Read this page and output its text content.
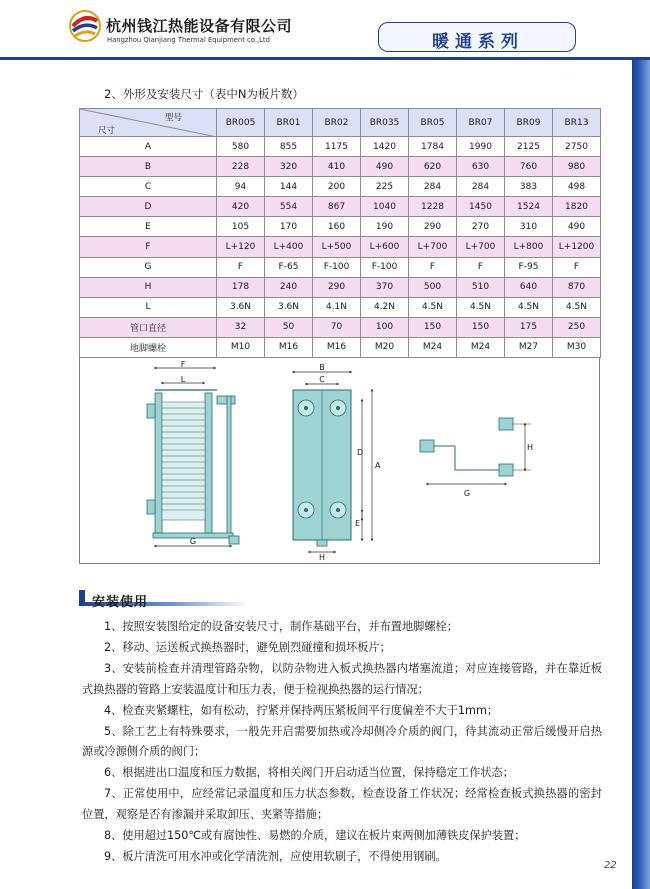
杭州钱江热能设备有限公司
Hangzhou Qianjiang Thermal Equipment co.,Ltd	暖通系列
2、外形及安装尺寸（表中N为板片数）
型号
尺寸	BR005	BR01	BR02	BR035	BR05	BR07	BR09	BR13
A	580	855	1175	1420	1784	1990	2125	2750
B	228	320	410	490	620	630	760	980
C	94	144	200	225	284	284	383	498
D	420	554	867	1040	1228	1450	1524	1820
E	105	170	160	190	290	270	310	490
F	L+120	L+400	L+500	L+600	L+700	L+700	L+800	L+1200
G	F	F-65	F-100	F-100	F	F	F-95	F
H	178	240	290	370	500	510	640	870
L	3.6N	3.6N	4.1N	4.2N	4.5N	4.5N	4.5N	4.5N
管口直径	32	50	70	100	150	150	175	250
地脚螺栓	M10	M16	M16	M20	M24	M24	M27	M30
F
L
G
B
C
H
D
A
E
H
G
安装使用

1、按照安装图给定的设备安装尺寸，制作基础平台，并布置地脚螺栓；

2、移动、运送板式换热器时，避免剧烈碰撞和损坏板片；

3、安装前检查并清理管路杂物，以防杂物进入板式换热器内堵塞流道；对应连接管路，并在靠近板式换热器的管路上安装温度计和压力表，便于检视换热器的运行情况；

4、检查夹紧螺柱，如有松动，拧紧并保持两压紧板间平行度偏差不大于1mm；

5、除工艺上有特殊要求，一般先开启需要加热或冷却侧冷介质的阀门，待其流动正常后缓慢开启热源或冷源侧介质的阀门；

6、根据进出口温度和压力数据，将相关阀门开启动适当位置，保持稳定工作状态；

7、正常使用中，应经常记录温度和压力状态参数，检查设备工作状况；经常检查板式换热器的密封位置，观察是否有渗漏并采取卸压、夹紧等措施；

8、使用超过150℃或有腐蚀性、易燃的介质，建议在板片束两侧加薄铁皮保护装置；

9、板片清洗可用水冲或化学清洗剂，应使用软刷子，不得使用钢刷。

22
